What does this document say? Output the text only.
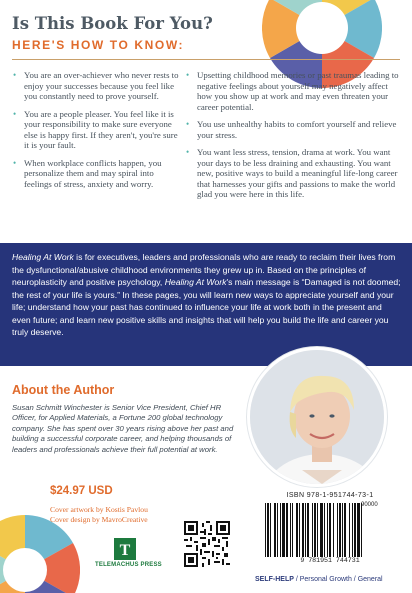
Is This Book For You?
HERE'S HOW TO KNOW:
• You are an over-achiever who never rests to enjoy your successes because you feel like you constantly need to prove yourself.
• You are a people pleaser. You feel like it is your responsibility to make sure everyone else is happy first. If they aren't, you're sure it is your fault.
• When workplace conflicts happen, you personalize them and may spiral into feelings of stress, anxiety and worry.
• Upsetting childhood memories or past traumas leading to negative feelings about yourself may negatively affect how you show up at work and may even threaten your career potential.
• You use unhealthy habits to comfort yourself and relieve your stress.
• You want less stress, tension, drama at work. You want your days to be less draining and exhausting. You want new, positive ways to build a meaningful life-long career that harnesses your gifts and passions to make the world glad you were here in this life.

Healing At Work is for executives, leaders and professionals who are ready to reclaim their lives from the dysfunctional/abusive childhood environments they grew up in. Based on the principles of neuroplasticity and positive psychology, Healing At Work's main message is “Damaged is not doomed; the rest of your life is yours.” In these pages, you will learn new ways to appreciate yourself and your life; understand how your past has continued to influence your life at work both in the present and even future; and learn new positive skills and insights that will help you build the life and career you truly deserve.

About the Author

Susan Schmitt Winchester is Senior Vice President, Chief HR Officer, for Applied Materials, a Fortune 200 global technology company. She has spent over 30 years rising above her past and building a successful corporate career, and helping thousands of leaders and professionals achieve their full potential at work.

$24.97 USD

Cover artwork by Kostis Pavlou

Cover design by MavroCreative

T

TELEMACHUS PRESS

ISBN 978-1-951744-73-1

90000

9 781951 744731

SELF-HELP / Personal Growth / General
